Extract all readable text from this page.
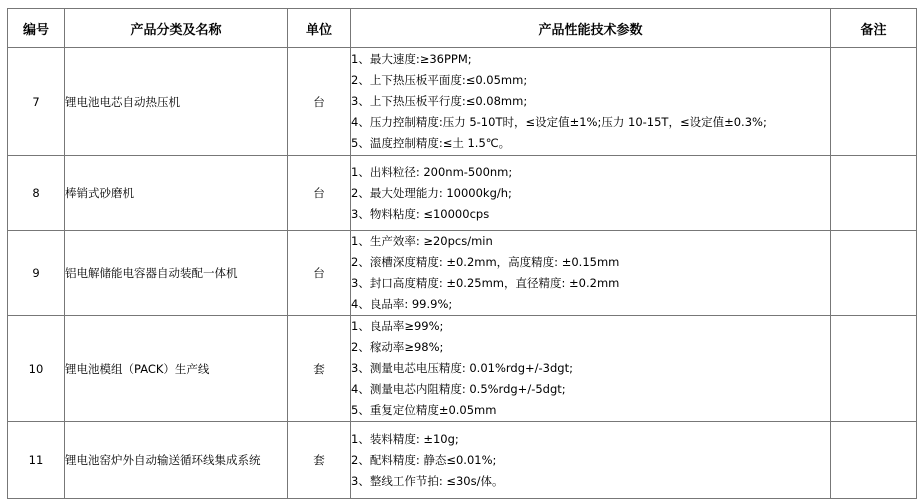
编号	产品分类及名称	单位	产品性能技术参数	备注
7	锂电池电芯自动热压机	台	1、最大速度:≥36PPM;
2、上下热压板平面度:≤0.05mm;
3、上下热压板平行度:≤0.08mm;
4、压力控制精度:压力 5-10T时，≤设定值±1%;压力 10-15T，≤设定值±0.3%;
5、温度控制精度:≤土 1.5℃。	

8	棒销式砂磨机	台	1、出料粒径: 200nm-500nm;
2、最大处理能力: 10000kg/h;
3、物料粘度: ≤10000cps	

9	铝电解储能电容器自动装配一体机	台	1、生产效率: ≥20pcs/min
2、滚槽深度精度: ±0.2mm，高度精度: ±0.15mm
3、封口高度精度: ±0.25mm，直径精度: ±0.2mm
4、良品率: 99.9%;	

10	锂电池模组（PACK）生产线	套	1、良品率≥99%;
2、稼动率≥98%;
3、测量电芯电压精度: 0.01%rdg+/-3dgt;
4、测量电芯内阻精度: 0.5%rdg+/-5dgt;
5、重复定位精度±0.05mm	

11	锂电池窑炉外自动输送循环线集成系统	套	1、装料精度: ±10g;
2、配料精度: 静态≤0.01%;
3、整线工作节拍: ≤30s/体。	
